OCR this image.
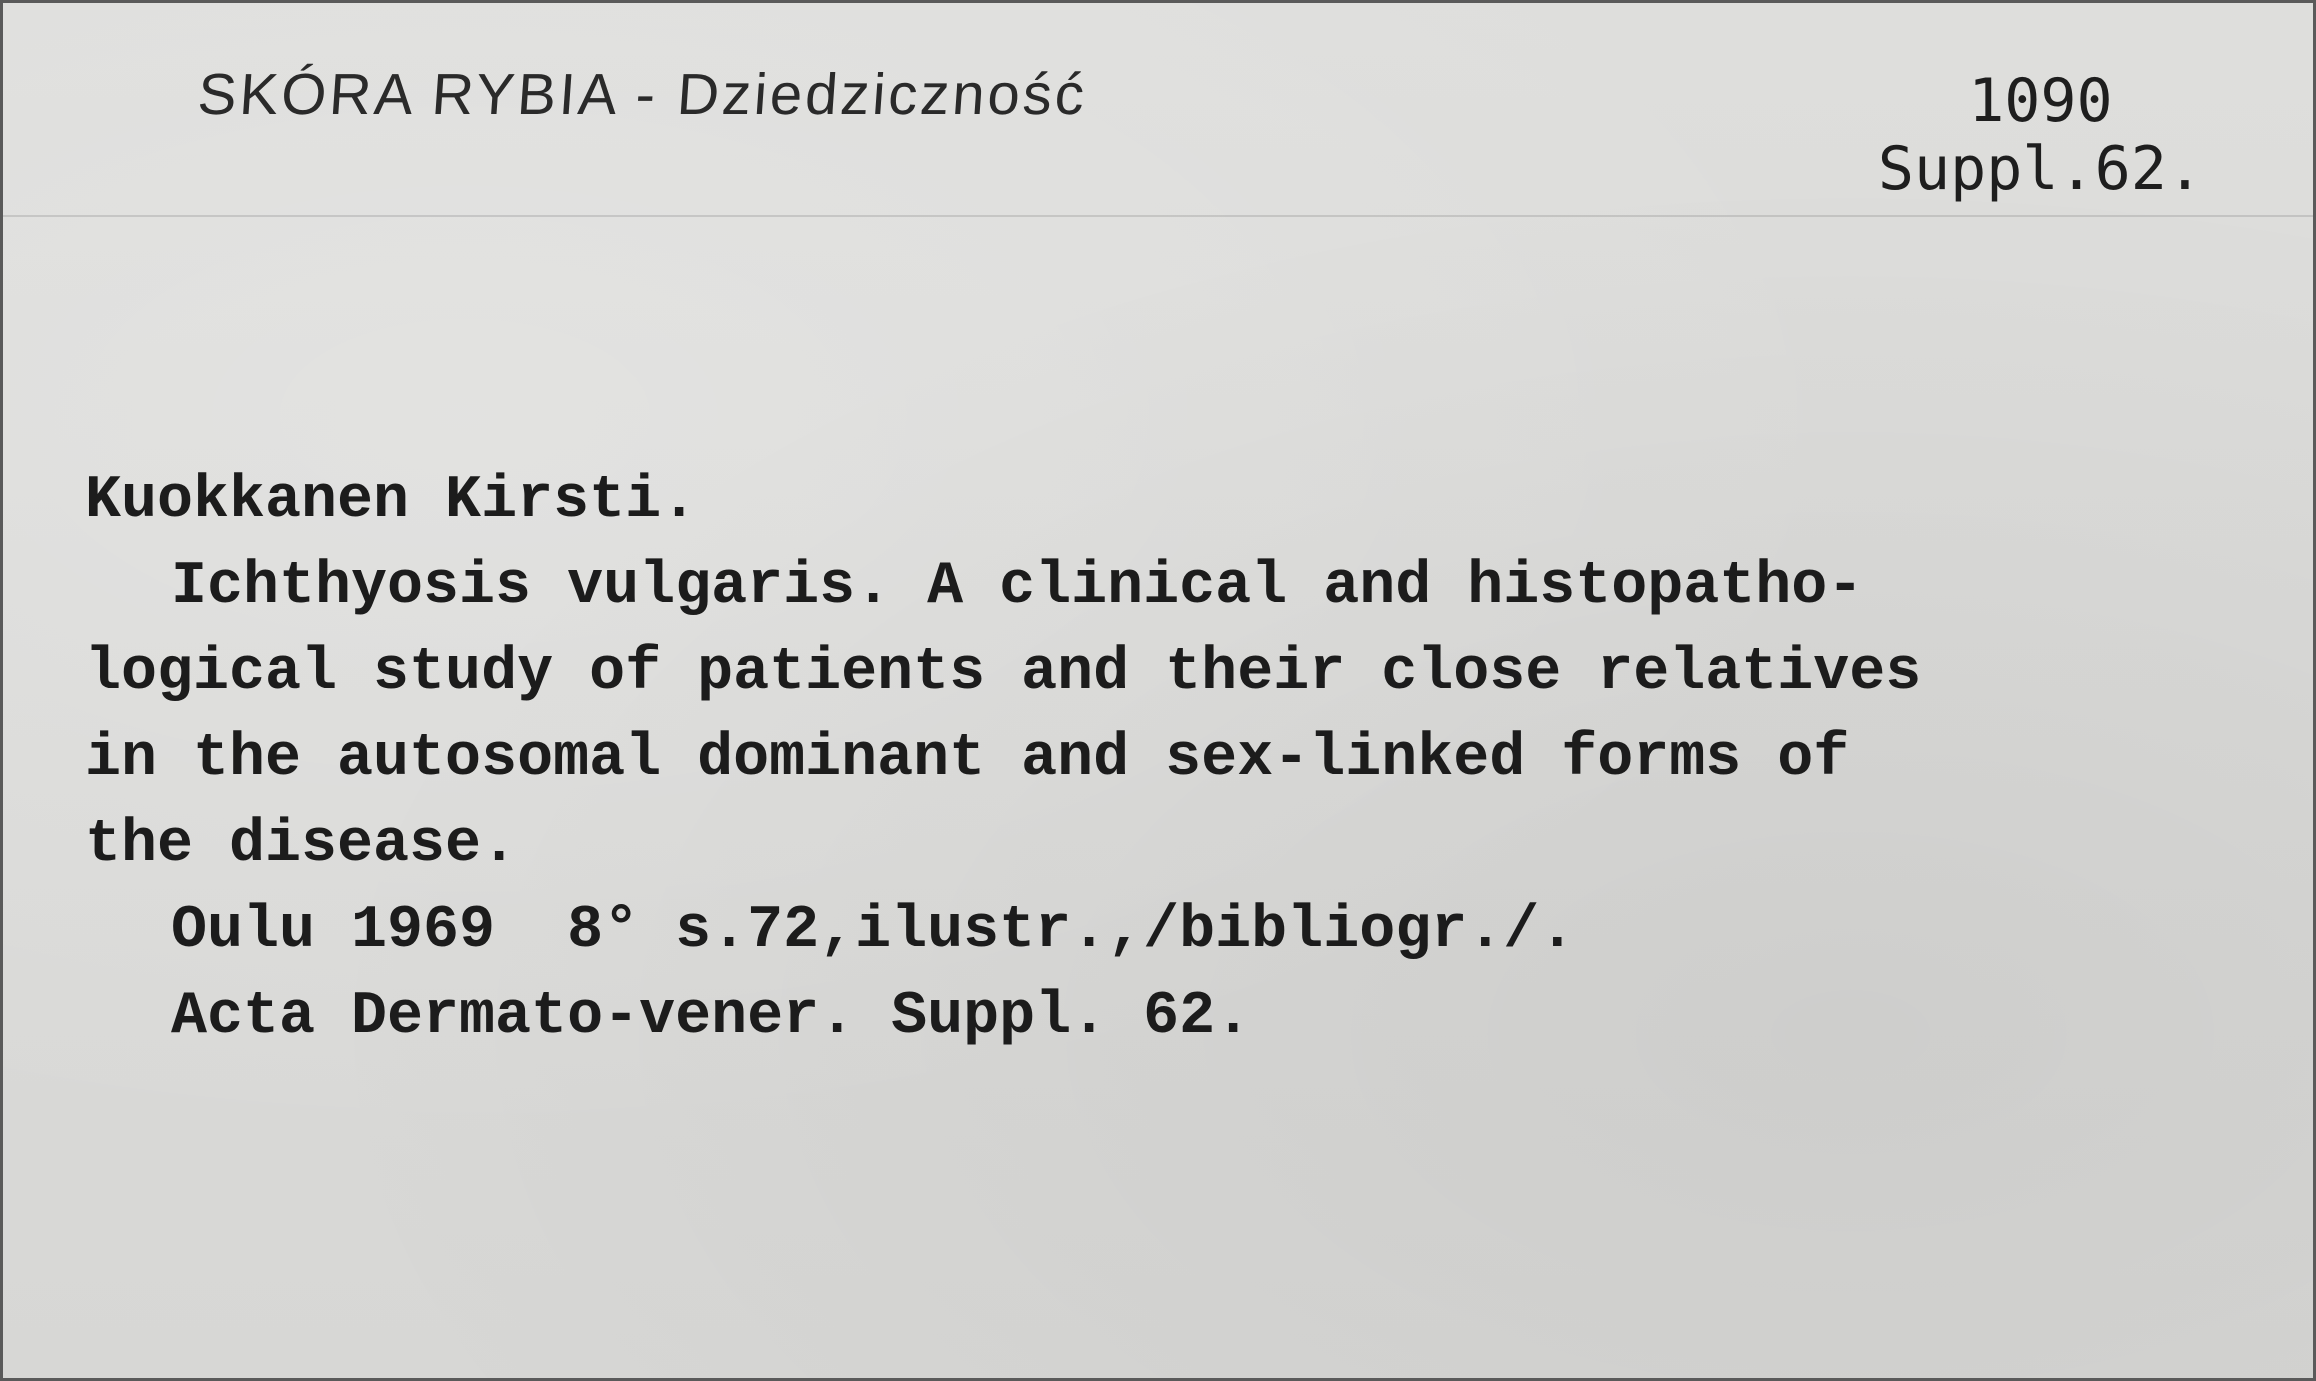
SKÓRA RYBIA - Dziedziczność	1090
Suppl.62.
Kuokkanen Kirsti.
Ichthyosis vulgaris. A clinical and histopatho-
logical study of patients and their close relatives
in the autosomal dominant and sex-linked forms of
the disease.
Oulu 1969  8° s.72,ilustr.,/bibliogr./.
Acta Dermato-vener. Suppl. 62.
